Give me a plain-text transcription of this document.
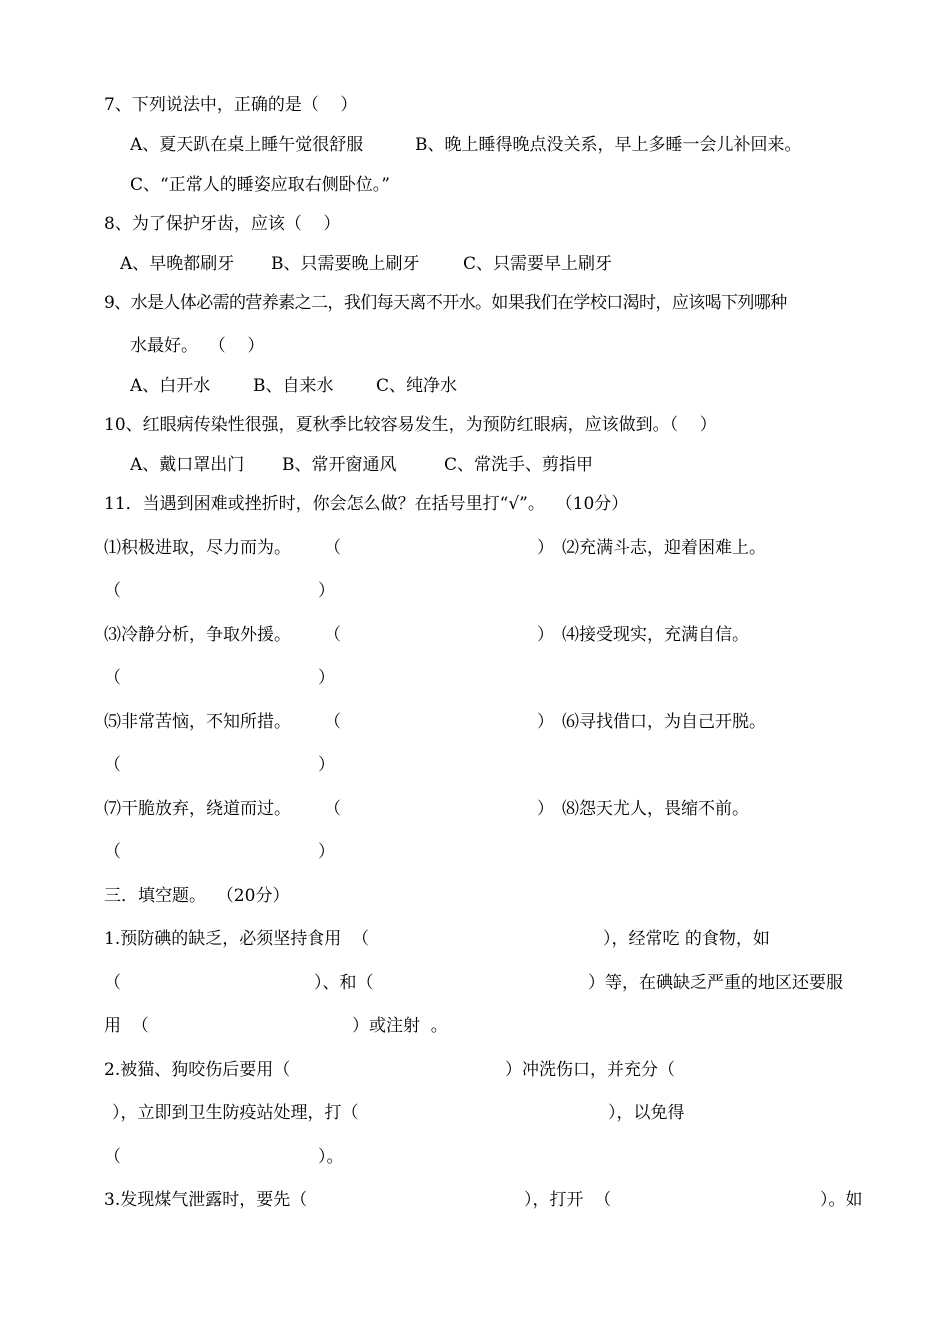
7、下列说法中，正确的是（    ）
A、夏天趴在桌上睡午觉很舒服	B、晚上睡得晚点没关系，早上多睡一会儿补回来。
C、“正常人的睡姿应取右侧卧位。”
8、为了保护牙齿，应该（    ）
A、早晚都刷牙 B、只需要晚上刷牙	C、只需要早上刷牙
9、水是人体必需的营养素之二，我们每天离不开水。如果我们在学校口渴时，应该喝下列哪种
水最好。  （    ）
A、白开水	B、自来水	C、纯净水
10、红眼病传染性很强，夏秋季比较容易发生，为预防红眼病，应该做到。（    ）
A、戴口罩出门 B、常开窗通风	C、常洗手、剪指甲
11．当遇到困难或挫折时，你会怎么做？在括号里打“√”。  （10分）
⑴积极进取，尽力而为。 （	） ⑵充满斗志，迎着困难上。
（	）
⑶冷静分析，争取外援。 （	） ⑷接受现实，充满自信。
（	）
⑸非常苦恼，不知所措。 （	） ⑹寻找借口，为自己开脱。
（	）
⑺干脆放弃，绕道而过。 （	） ⑻怨天尤人，畏缩不前。
（	）
三．填空题。  （20分）
1.预防碘的缺乏，必须坚持食用  （	），经常吃 的食物，如
（	）、和（	）等，在碘缺乏严重的地区还要服
用  （	）或注射  。
2.被猫、狗咬伤后要用（	）冲洗伤口，并充分（
），立即到卫生防疫站处理，打（	），以免得
（	）。
3.发现煤气泄露时，要先（	），打开  （	）。如
